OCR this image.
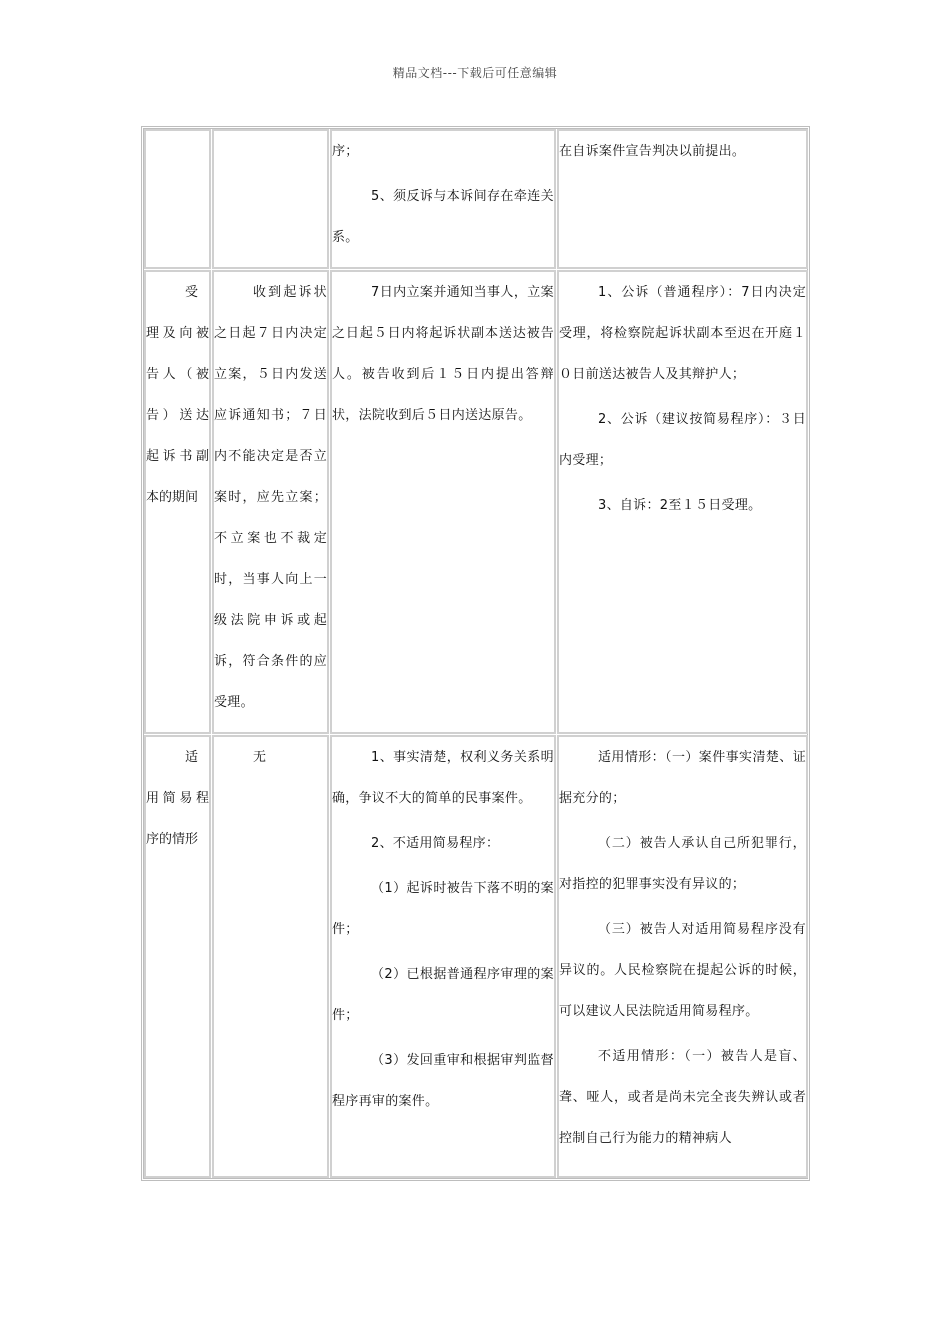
精品文档---下载后可任意编辑

序；

5、须反诉与本诉间存在牵连关系。

在自诉案件宣告判决以前提出。

受理及向被告人（被告）送达起诉书副本的期间

收到起诉状之日起７日内决定立案，５日内发送应诉通知书；７日内不能决定是否立案时，应先立案；不立案也不裁定时，当事人向上一级法院申诉或起诉，符合条件的应受理。

7日内立案并通知当事人，立案之日起５日内将起诉状副本送达被告人。被告收到后１５日内提出答辩状，法院收到后５日内送达原告。

1、公诉（普通程序）：7日内决定受理，将检察院起诉状副本至迟在开庭１０日前送达被告人及其辩护人；

2、公诉（建议按简易程序）：３日内受理；

3、自诉：2至１５日受理。

适用简易程序的情形

无	1、事实清楚，权利义务关系明确，争议不大的简单的民事案件。

2、不适用简易程序：

（1）起诉时被告下落不明的案件；

（2）已根据普通程序审理的案件；

（3）发回重审和根据审判监督程序再审的案件。

适用情形：（一）案件事实清楚、证据充分的；

（二）被告人承认自己所犯罪行，对指控的犯罪事实没有异议的；

（三）被告人对适用简易程序没有异议的。人民检察院在提起公诉的时候，可以建议人民法院适用简易程序。

不适用情形：（一）被告人是盲、聋、哑人，或者是尚未完全丧失辨认或者控制自己行为能力的精神病人
